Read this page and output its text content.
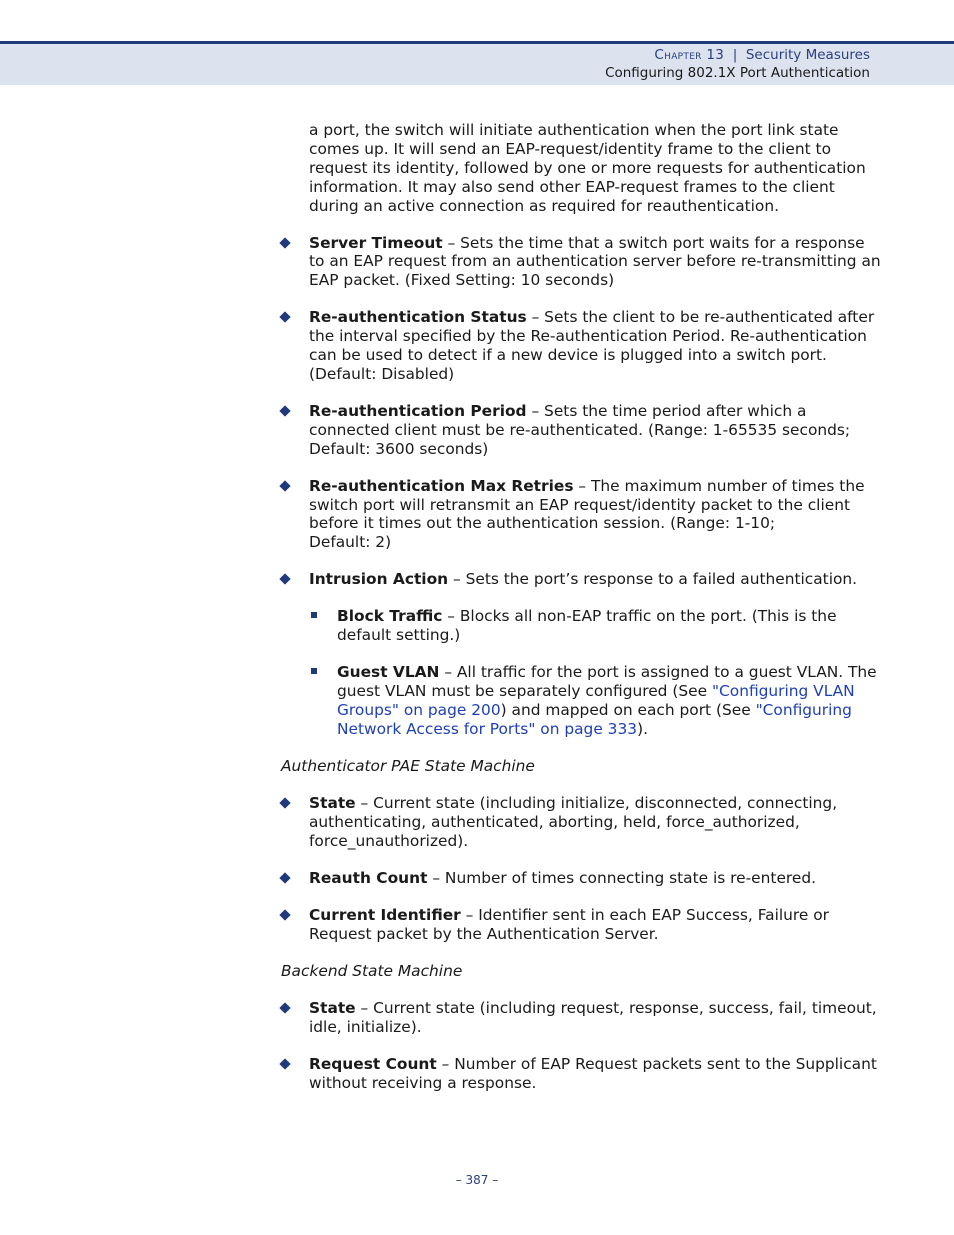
Chapter 13 | Security Measures
Configuring 802.1X Port Authentication

a port, the switch will initiate authentication when the port link state comes up. It will send an EAP-request/identity frame to the client to request its identity, followed by one or more requests for authentication information. It may also send other EAP-request frames to the client during an active connection as required for reauthentication.

Server Timeout – Sets the time that a switch port waits for a response to an EAP request from an authentication server before re-transmitting an EAP packet. (Fixed Setting: 10 seconds)
Re-authentication Status – Sets the client to be re-authenticated after the interval specified by the Re-authentication Period. Re-authentication can be used to detect if a new device is plugged into a switch port. (Default: Disabled)
Re-authentication Period – Sets the time period after which a connected client must be re-authenticated. (Range: 1-65535 seconds; Default: 3600 seconds)
Re-authentication Max Retries – The maximum number of times the switch port will retransmit an EAP request/identity packet to the client before it times out the authentication session. (Range: 1-10;
Default: 2)
Intrusion Action – Sets the port’s response to a failed authentication.
Block Traffic – Blocks all non-EAP traffic on the port. (This is the default setting.)
Guest VLAN – All traffic for the port is assigned to a guest VLAN. The guest VLAN must be separately configured (See "Configuring VLAN Groups" on page 200) and mapped on each port (See "Configuring Network Access for Ports" on page 333).

Authenticator PAE State Machine

State – Current state (including initialize, disconnected, connecting, authenticating, authenticated, aborting, held, force_authorized, force_unauthorized).
Reauth Count – Number of times connecting state is re-entered.
Current Identifier – Identifier sent in each EAP Success, Failure or Request packet by the Authentication Server.

Backend State Machine

State – Current state (including request, response, success, fail, timeout, idle, initialize).
Request Count – Number of EAP Request packets sent to the Supplicant without receiving a response.
– 387 –
